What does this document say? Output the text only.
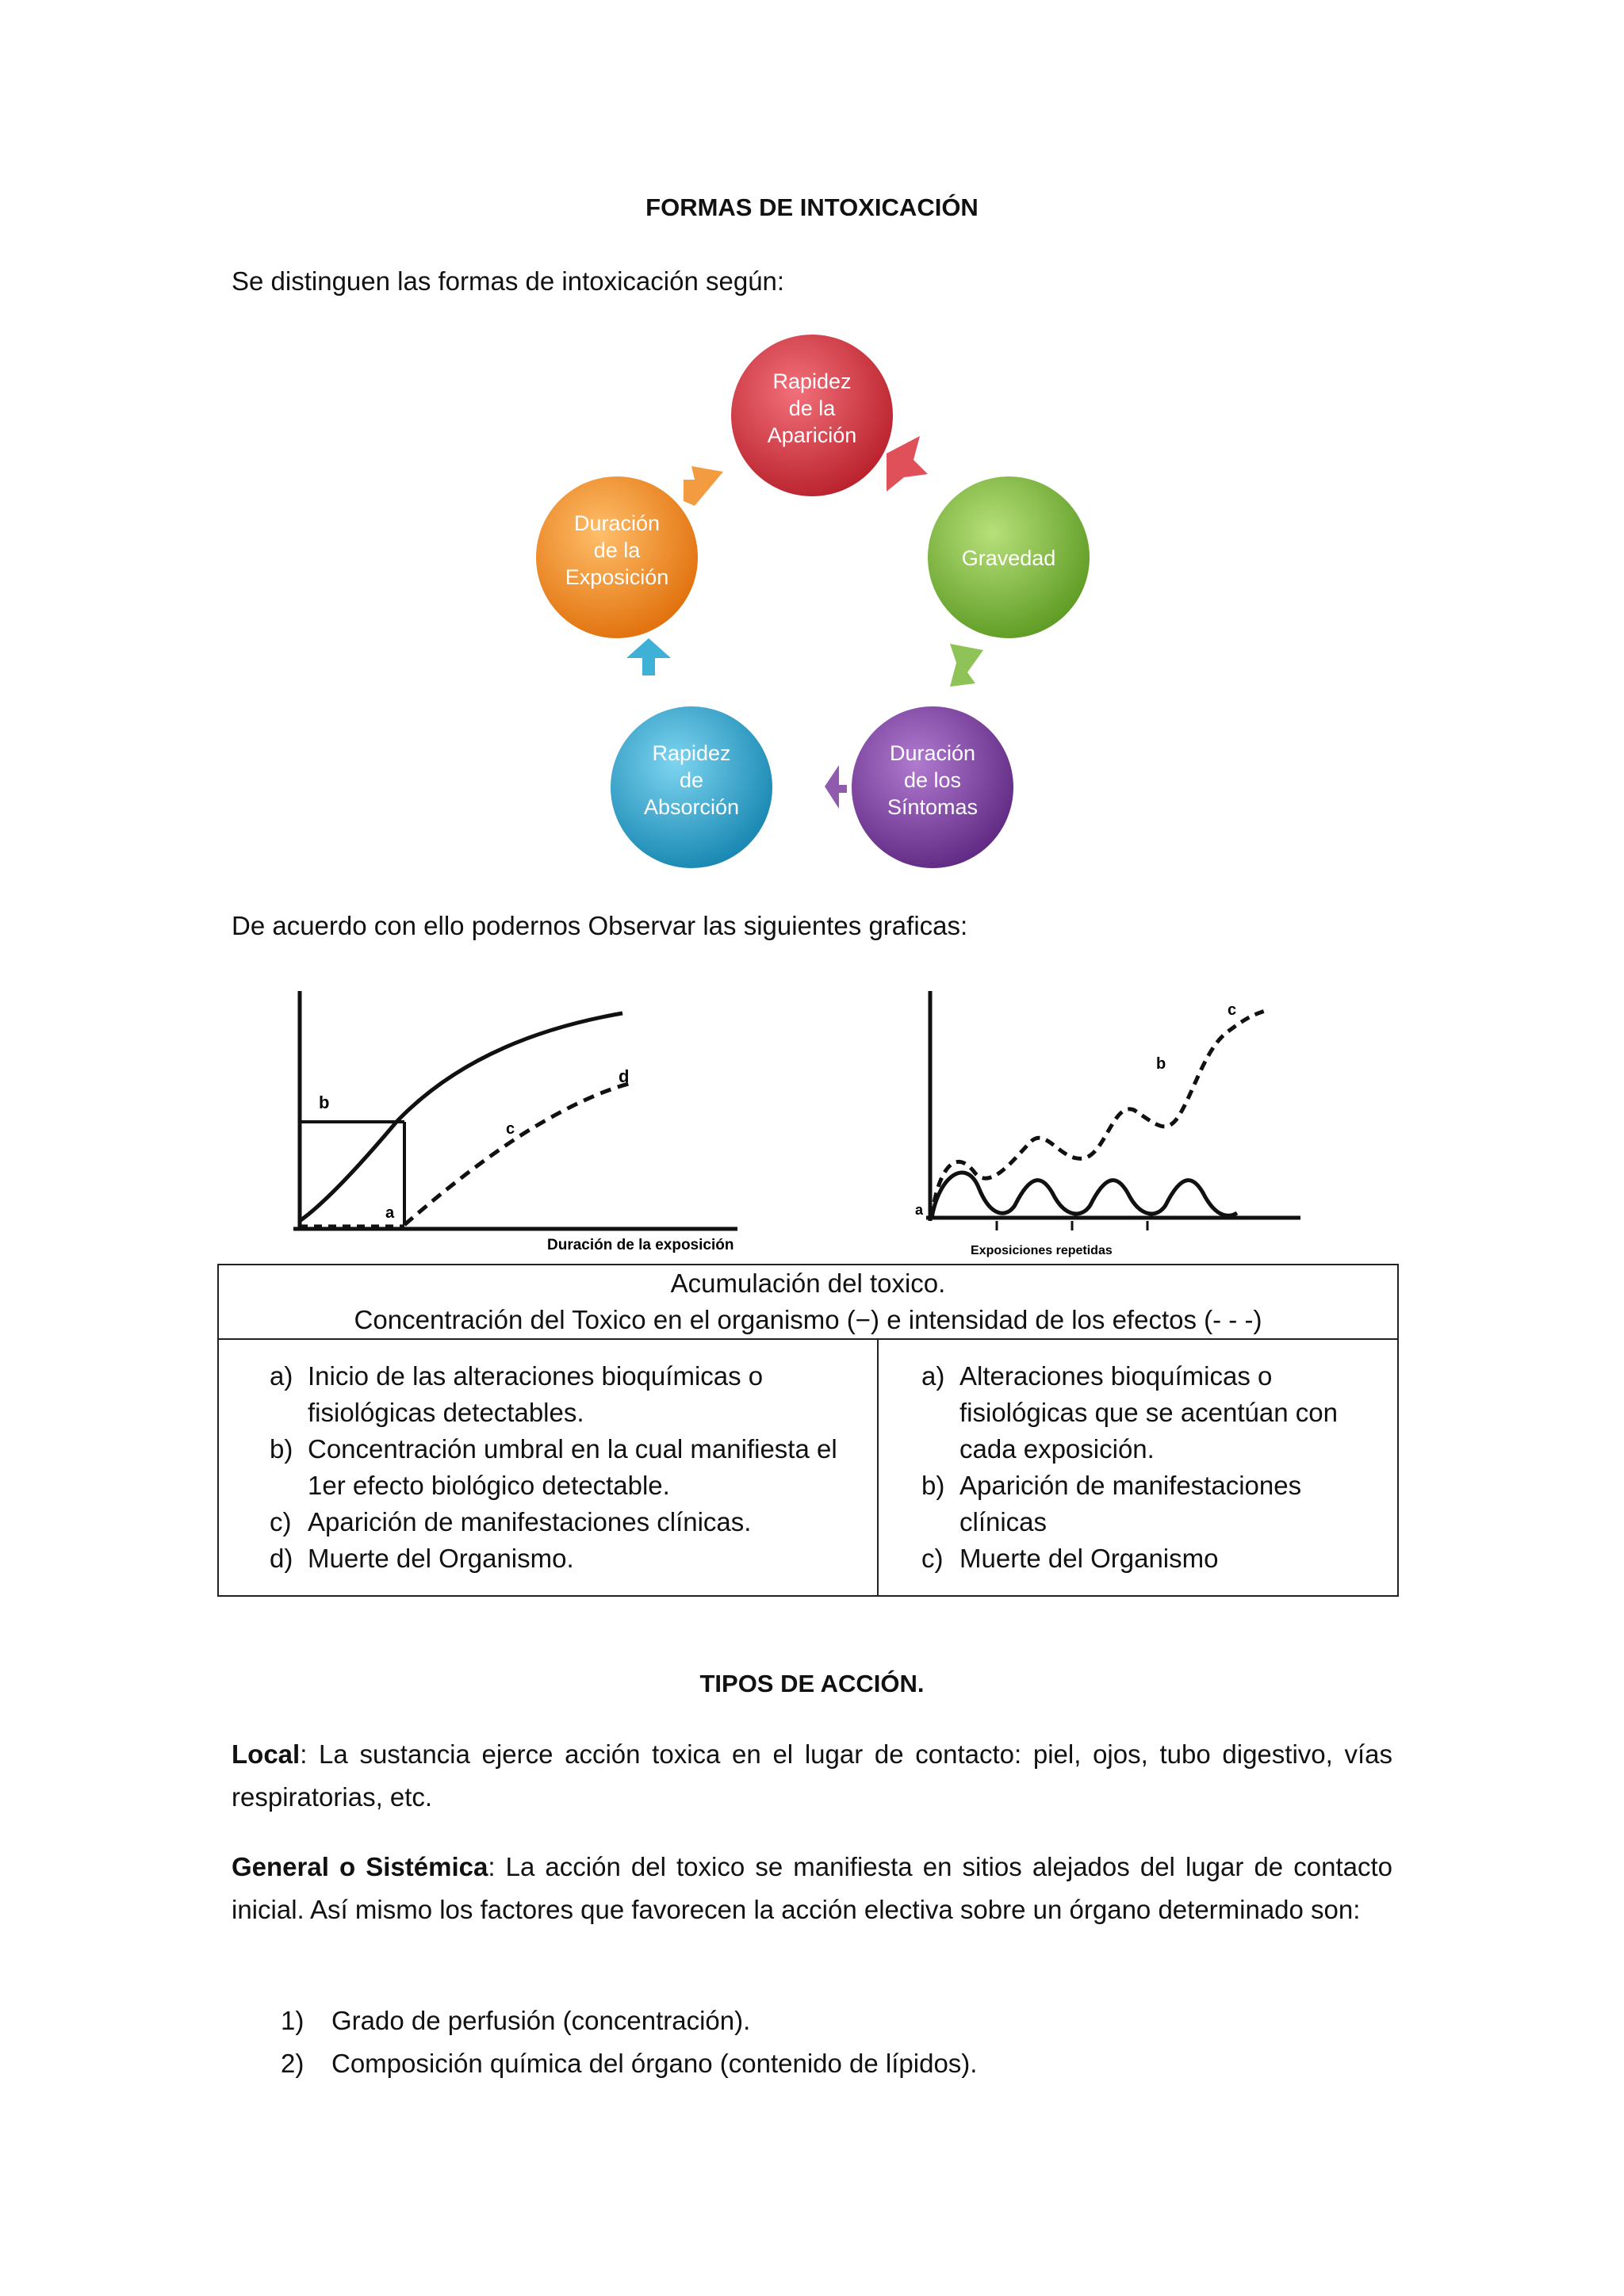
FORMAS DE INTOXICACIÓN
Se distinguen las formas de intoxicación según:
Rapidez
de la
Aparición
Gravedad
Duración
de los
Síntomas
Rapidez
de
Absorción
Duración
de la
Exposición
De acuerdo con ello podernos Observar las siguientes graficas:
b
a
c
d
Duración de la exposición
a
b
c
Exposiciones repetidas
Acumulación del toxico.
Concentración del Toxico en el organismo (−) e intensidad de los efectos (- - -)

a) Inicio de las alteraciones bioquímicas o fisiológicas detectables.
b) Concentración umbral en la cual manifiesta el 1er efecto biológico detectable.
c) Aparición de manifestaciones clínicas.
d) Muerte del Organismo.

a) Alteraciones bioquímicas o fisiológicas que se acentúan con cada exposición.
b) Aparición de manifestaciones clínicas
c) Muerte del Organismo
TIPOS DE ACCIÓN.
Local: La sustancia ejerce acción toxica en el lugar de contacto: piel, ojos, tubo digestivo, vías respiratorias, etc.
General o Sistémica: La acción del toxico se manifiesta en sitios alejados del lugar de contacto inicial. Así mismo los factores que favorecen la acción electiva sobre un órgano determinado son:
1)	Grado de perfusión (concentración).
2)	Composición química del órgano (contenido de lípidos).
